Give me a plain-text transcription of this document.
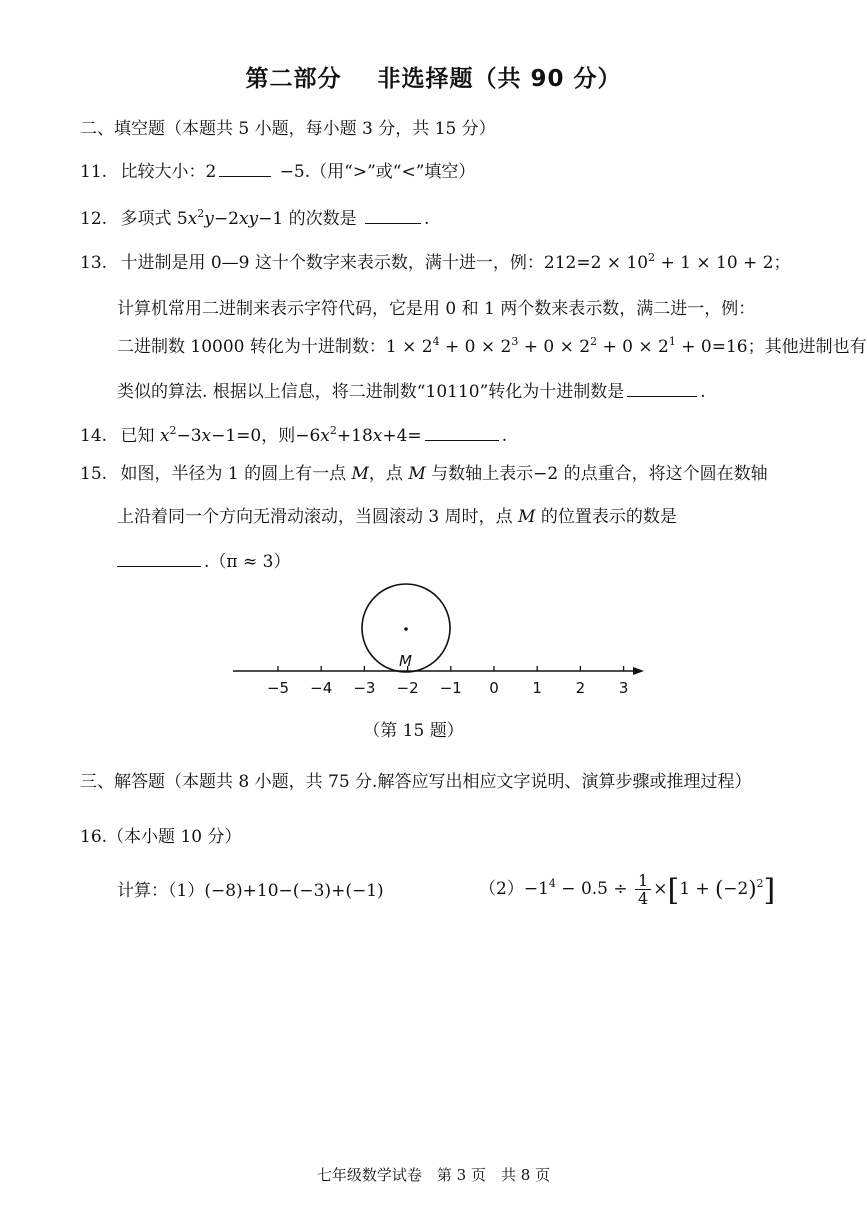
第二部分 非选择题（共 90 分）
二、填空题（本题共 5 小题，每小题 3 分，共 15 分）
11. 比较大小：2	−5.（用“>”或“<”填空）
12. 多项式 $5x^2y-2xy-1$ 的次数是	.
13. 十进制是用 0—9 这十个数字来表示数，满十进一，例：$212=2 \times 10^2 + 1 \times 10 + 2$；
计算机常用二进制来表示字符代码，它是用 0 和 1 两个数来表示数，满二进一，例：
二进制数 10000 转化为十进制数：$1 \times 2^4 + 0 \times 2^3 + 0 \times 2^2 + 0 \times 2^1 + 0=16$；其他进制也有
类似的算法. 根据以上信息，将二进制数“10110”转化为十进制数是	.
14. 已知 $x^2-3x-1=0$，则$-6x^2+18x+4=$	.
15. 如图，半径为 1 的圆上有一点 M，点 M 与数轴上表示−2 的点重合，将这个圆在数轴
上沿着同一个方向无滑动滚动，当圆滚动 3 周时，点 M 的位置表示的数是
.（π ≈ 3）
M
−5 −4 −3 −2 −1 0 1 2 3
（第 15 题）
三、解答题（本题共 8 小题，共 75 分.解答应写出相应文字说明、演算步骤或推理过程）
16.（本小题 10 分）
计算：（1）(−8)+10−(−3)+(−1)	$(2)-1^4 - 0.5 \div \frac{1}{4} \times[1 + (-2)^2]$
七年级数学试卷　第 3 页　共 8 页
